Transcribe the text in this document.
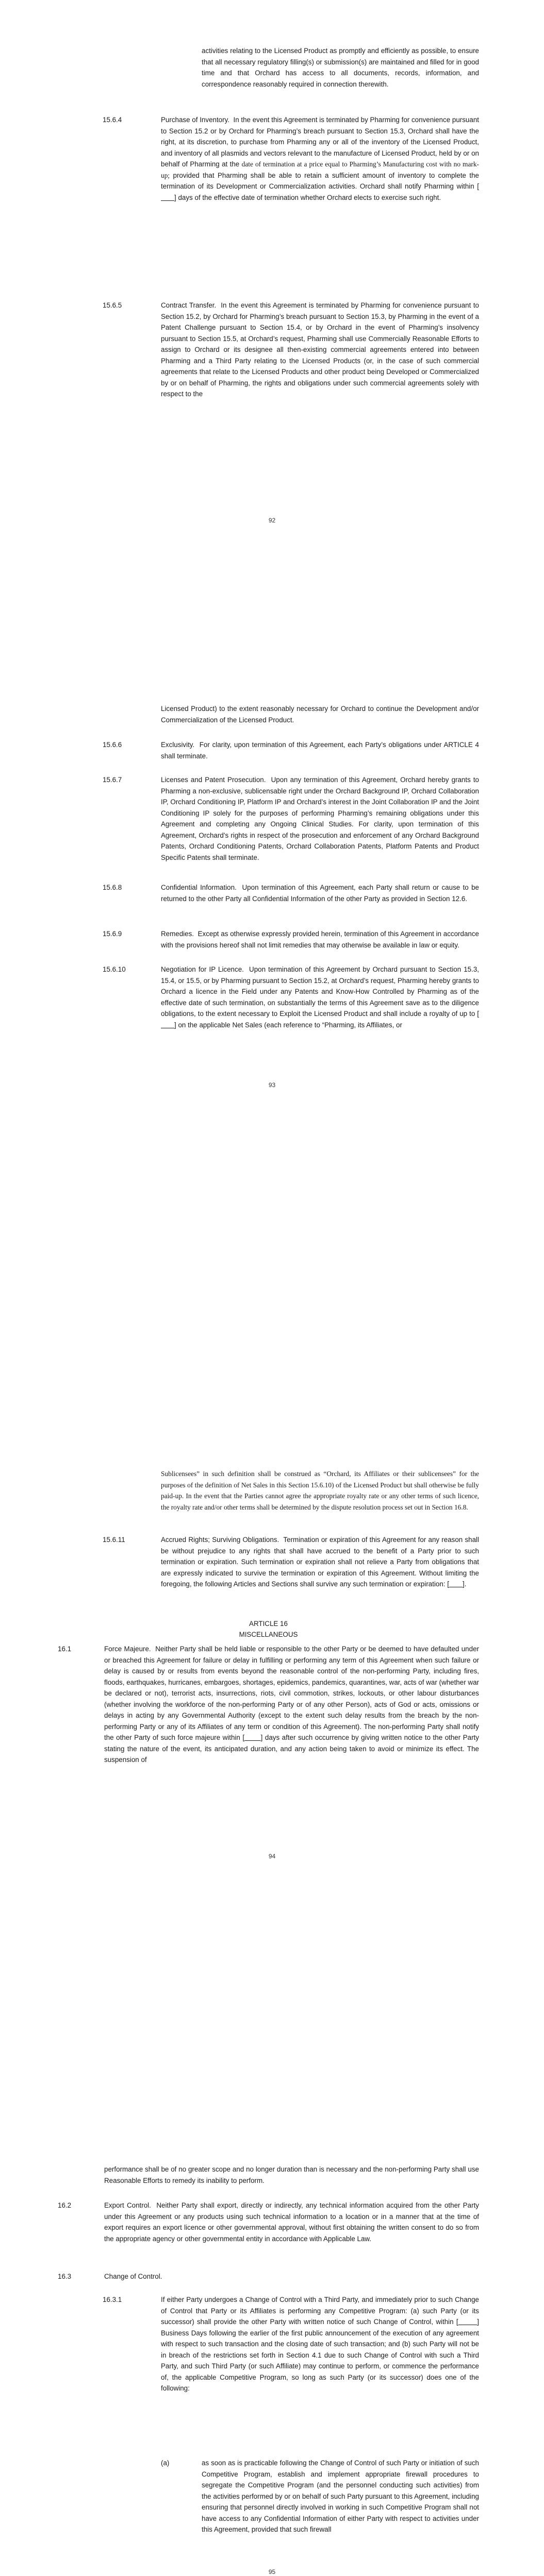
activities relating to the Licensed Product as promptly and efficiently as possible, to ensure that all necessary regulatory filling(s) or submission(s) are maintained and filled for in good time and that Orchard has access to all documents, records, information, and correspondence reasonably required in connection therewith.
15.6.4	Purchase of Inventory. In the event this Agreement is terminated by Pharming for convenience pursuant to Section 15.2 or by Orchard for Pharming’s breach pursuant to Section 15.3, Orchard shall have the right, at its discretion, to purchase from Pharming any or all of the inventory of the Licensed Product, and inventory of all plasmids and vectors relevant to the manufacture of Licensed Product, held by or on behalf of Pharming at the date of termination at a price equal to Pharming’s Manufacturing cost with no mark-up; provided that Pharming shall be able to retain a sufficient amount of inventory to complete the termination of its Development or Commercialization activities. Orchard shall notify Pharming within [       ] days of the effective date of termination whether Orchard elects to exercise such right.
15.6.5	Contract Transfer. In the event this Agreement is terminated by Pharming for convenience pursuant to Section 15.2, by Orchard for Pharming’s breach pursuant to Section 15.3, by Pharming in the event of a Patent Challenge pursuant to Section 15.4, or by Orchard in the event of Pharming’s insolvency pursuant to Section 15.5, at Orchard’s request, Pharming shall use Commercially Reasonable Efforts to assign to Orchard or its designee all then-existing commercial agreements entered into between Pharming and a Third Party relating to the Licensed Products (or, in the case of such commercial agreements that relate to the Licensed Products and other product being Developed or Commercialized by or on behalf of Pharming, the rights and obligations under such commercial agreements solely with respect to the
92
Licensed Product) to the extent reasonably necessary for Orchard to continue the Development and/or Commercialization of the Licensed Product.
15.6.6	Exclusivity. For clarity, upon termination of this Agreement, each Party’s obligations under ARTICLE 4 shall terminate.
15.6.7	Licenses and Patent Prosecution. Upon any termination of this Agreement, Orchard hereby grants to Pharming a non-exclusive, sublicensable right under the Orchard Background IP, Orchard Collaboration IP, Orchard Conditioning IP, Platform IP and Orchard’s interest in the Joint Collaboration IP and the Joint Conditioning IP solely for the purposes of performing Pharming’s remaining obligations under this Agreement and completing any Ongoing Clinical Studies. For clarity, upon termination of this Agreement, Orchard’s rights in respect of the prosecution and enforcement of any Orchard Background Patents, Orchard Conditioning Patents, Orchard Collaboration Patents, Platform Patents and Product Specific Patents shall terminate.
15.6.8	Confidential Information. Upon termination of this Agreement, each Party shall return or cause to be returned to the other Party all Confidential Information of the other Party as provided in Section 12.6.
15.6.9	Remedies. Except as otherwise expressly provided herein, termination of this Agreement in accordance with the provisions hereof shall not limit remedies that may otherwise be available in law or equity.
15.6.10	Negotiation for IP Licence. Upon termination of this Agreement by Orchard pursuant to Section 15.3, 15.4, or 15.5, or by Pharming pursuant to Section 15.2, at Orchard’s request, Pharming hereby grants to Orchard a licence in the Field under any Patents and Know-How Controlled by Pharming as of the effective date of such termination, on substantially the terms of this Agreement save as to the diligence obligations, to the extent necessary to Exploit the Licensed Product and shall include a royalty of up to [       ] on the applicable Net Sales (each reference to “Pharming, its Affiliates, or
93
Sublicensees” in such definition shall be construed as “Orchard, its Affiliates or their sublicensees” for the purposes of the definition of Net Sales in this Section 15.6.10) of the Licensed Product but shall otherwise be fully paid-up. In the event that the Parties cannot agree the appropriate royalty rate or any other terms of such licence, the royalty rate and/or other terms shall be determined by the dispute resolution process set out in Section 16.8.
15.6.11	Accrued Rights; Surviving Obligations. Termination or expiration of this Agreement for any reason shall be without prejudice to any rights that shall have accrued to the benefit of a Party prior to such termination or expiration. Such termination or expiration shall not relieve a Party from obligations that are expressly indicated to survive the termination or expiration of this Agreement. Without limiting the foregoing, the following Articles and Sections shall survive any such termination or expiration: [ ].
ARTICLE 16
MISCELLANEOUS
16.1	Force Majeure. Neither Party shall be held liable or responsible to the other Party or be deemed to have defaulted under or breached this Agreement for failure or delay in fulfilling or performing any term of this Agreement when such failure or delay is caused by or results from events beyond the reasonable control of the non-performing Party, including fires, floods, earthquakes, hurricanes, embargoes, shortages, epidemics, pandemics, quarantines, war, acts of war (whether war be declared or not), terrorist acts, insurrections, riots, civil commotion, strikes, lockouts, or other labour disturbances (whether involving the workforce of the non-performing Party or of any other Person), acts of God or acts, omissions or delays in acting by any Governmental Authority (except to the extent such delay results from the breach by the non-performing Party or any of its Affiliates of any term or condition of this Agreement). The non-performing Party shall notify the other Party of such force majeure within [ ] days after such occurrence by giving written notice to the other Party stating the nature of the event, its anticipated duration, and any action being taken to avoid or minimize its effect. The suspension of
94
performance shall be of no greater scope and no longer duration than is necessary and the non-performing Party shall use Reasonable Efforts to remedy its inability to perform.
16.2	Export Control. Neither Party shall export, directly or indirectly, any technical information acquired from the other Party under this Agreement or any products using such technical information to a location or in a manner that at the time of export requires an export licence or other governmental approval, without first obtaining the written consent to do so from the appropriate agency or other governmental entity in accordance with Applicable Law.
16.3	Change of Control.
16.3.1	If either Party undergoes a Change of Control with a Third Party, and immediately prior to such Change of Control that Party or its Affiliates is performing any Competitive Program: (a) such Party (or its successor) shall provide the other Party with written notice of such Change of Control, within [	] Business Days following the earlier of the first public announcement of the execution of any agreement with respect to such transaction and the closing date of such transaction; and (b) such Party will not be in breach of the restrictions set forth in Section 4.1 due to such Change of Control with such a Third Party, and such Third Party (or such Affiliate) may continue to perform, or commence the performance of, the applicable Competitive Program, so long as such Party (or its successor) does one of the following:
(a)	as soon as is practicable following the Change of Control of such Party or initiation of such Competitive Program, establish and implement appropriate firewall procedures to segregate the Competitive Program (and the personnel conducting such activities) from the activities performed by or on behalf of such Party pursuant to this Agreement, including ensuring that personnel directly involved in working in such Competitive Program shall not have access to any Confidential Information of either Party with respect to activities under this Agreement, provided that such firewall
95
